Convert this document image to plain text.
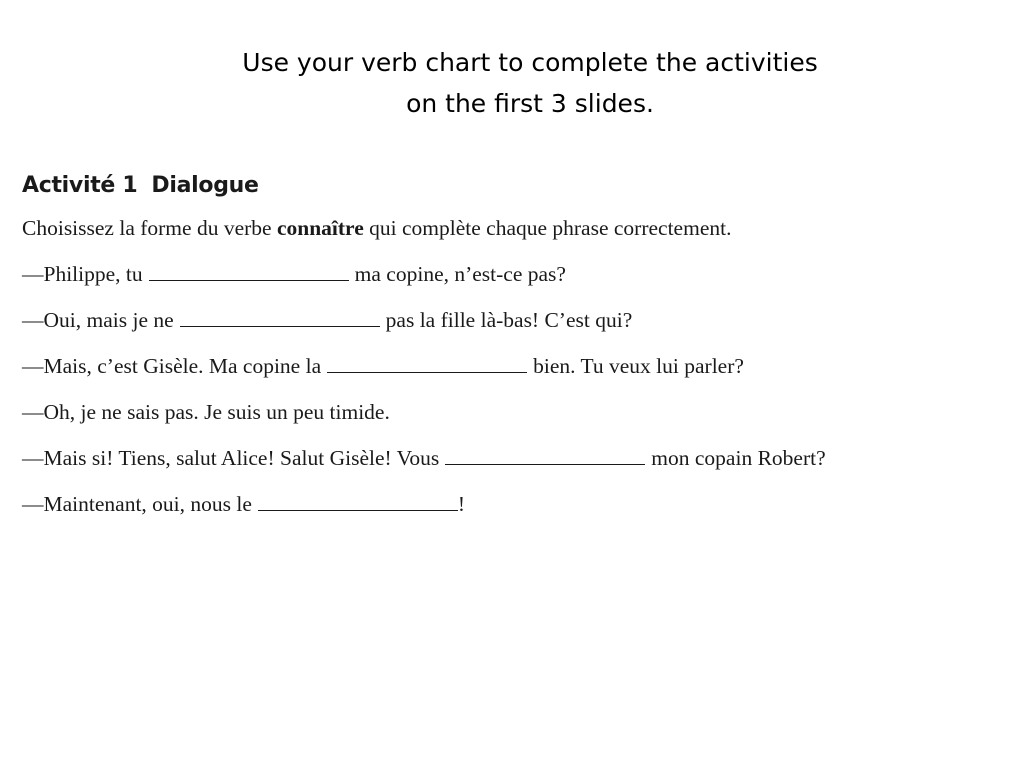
Use your verb chart to complete the activities
on the first 3 slides.
Activité 1 Dialogue
Choisissez la forme du verbe connaître qui complète chaque phrase correctement.
—Philippe, tu	ma copine, n’est-ce pas?
—Oui, mais je ne	pas la fille là-bas! C’est qui?
—Mais, c’est Gisèle. Ma copine la	bien. Tu veux lui parler?
—Oh, je ne sais pas. Je suis un peu timide.
—Mais si! Tiens, salut Alice! Salut Gisèle! Vous	mon copain Robert?
—Maintenant, oui, nous le	!
